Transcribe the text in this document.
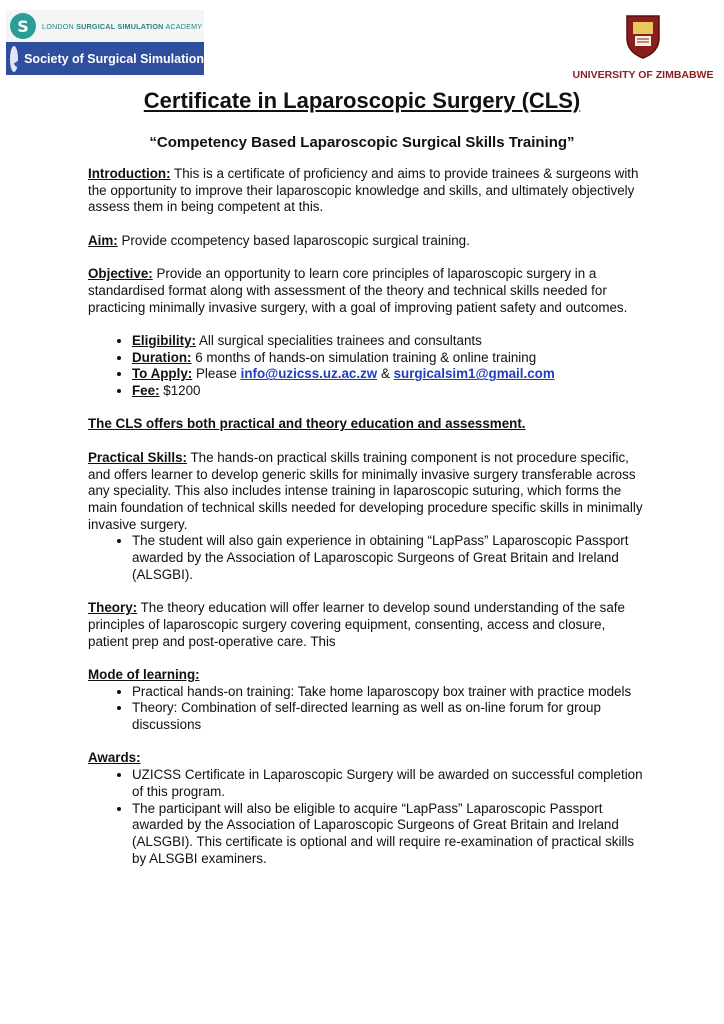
S LONDON SURGICAL SIMULATION ACADEMY
Society of Surgical Simulation
UNIVERSITY OF ZIMBABWE
Certificate in Laparoscopic Surgery (CLS)
“Competency Based Laparoscopic Surgical Skills Training”

Introduction: This is a certificate of proficiency and aims to provide trainees & surgeons with the opportunity to improve their laparoscopic knowledge and skills, and ultimately objectively assess them in being competent at this.

Aim: Provide ccompetency based laparoscopic surgical training.

Objective: Provide an opportunity to learn core principles of laparoscopic surgery in a standardised format along with assessment of the theory and technical skills needed for practicing minimally invasive surgery, with a goal of improving patient safety and outcomes.

• Eligibility: All surgical specialities trainees and consultants
• Duration: 6 months of hands-on simulation training & online training
• To Apply: Please info@uzicss.uz.ac.zw & surgicalsim1@gmail.com
• Fee: $1200

The CLS offers both practical and theory education and assessment.

Practical Skills: The hands-on practical skills training component is not procedure specific, and offers learner to develop generic skills for minimally invasive surgery transferable across any speciality. This also includes intense training in laparoscopic suturing, which forms the main foundation of technical skills needed for developing procedure specific skills in minimally invasive surgery.

• The student will also gain experience in obtaining “LapPass” Laparoscopic Passport awarded by the Association of Laparoscopic Surgeons of Great Britain and Ireland (ALSGBI).

Theory: The theory education will offer learner to develop sound understanding of the safe principles of laparoscopic surgery covering equipment, consenting, access and closure, patient prep and post-operative care. This

Mode of learning:

• Practical hands-on training: Take home laparoscopy box trainer with practice models
• Theory: Combination of self-directed learning as well as on-line forum for group discussions

Awards:

• UZICSS Certificate in Laparoscopic Surgery will be awarded on successful completion of this program.
• The participant will also be eligible to acquire “LapPass” Laparoscopic Passport awarded by the Association of Laparoscopic Surgeons of Great Britain and Ireland (ALSGBI). This certificate is optional and will require re-examination of practical skills by ALSGBI examiners.
